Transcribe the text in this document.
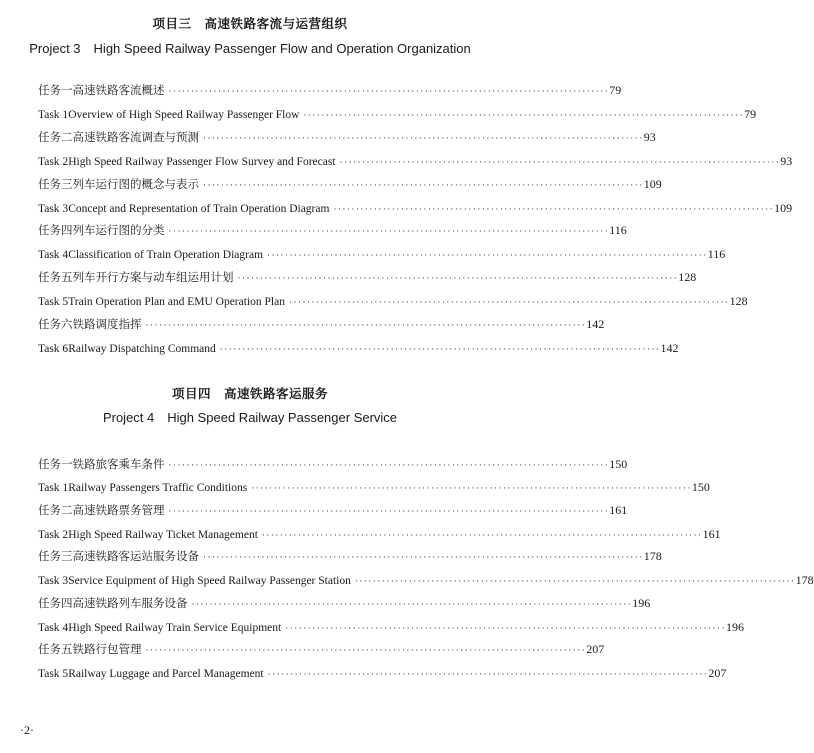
项目三　高速铁路客流与运营组织
Project 3　High Speed Railway Passenger Flow and Operation Organization
任务一 高速铁路客流概述 ·································································································· 79
Task 1 Overview of High Speed Railway Passenger Flow ·································································································· 79
任务二 高速铁路客流调查与预测 ·································································································· 93
Task 2 High Speed Railway Passenger Flow Survey and Forecast ·································································································· 93
任务三 列车运行图的概念与表示 ·································································································· 109
Task 3 Concept and Representation of Train Operation Diagram ·································································································· 109
任务四 列车运行图的分类 ·································································································· 116
Task 4 Classification of Train Operation Diagram ·································································································· 116
任务五 列车开行方案与动车组运用计划 ·································································································· 128
Task 5 Train Operation Plan and EMU Operation Plan ·································································································· 128
任务六 铁路调度指挥 ·································································································· 142
Task 6 Railway Dispatching Command ·································································································· 142
项目四　高速铁路客运服务
Project 4　High Speed Railway Passenger Service
任务一 铁路旅客乘车条件 ·································································································· 150
Task 1 Railway Passengers Traffic Conditions ·································································································· 150
任务二 高速铁路票务管理 ·································································································· 161
Task 2 High Speed Railway Ticket Management ·································································································· 161
任务三 高速铁路客运站服务设备 ·································································································· 178
Task 3 Service Equipment of High Speed Railway Passenger Station ·································································································· 178
任务四 高速铁路列车服务设备 ·································································································· 196
Task 4 High Speed Railway Train Service Equipment ·································································································· 196
任务五 铁路行包管理 ·································································································· 207
Task 5 Railway Luggage and Parcel Management ·································································································· 207
·2·
